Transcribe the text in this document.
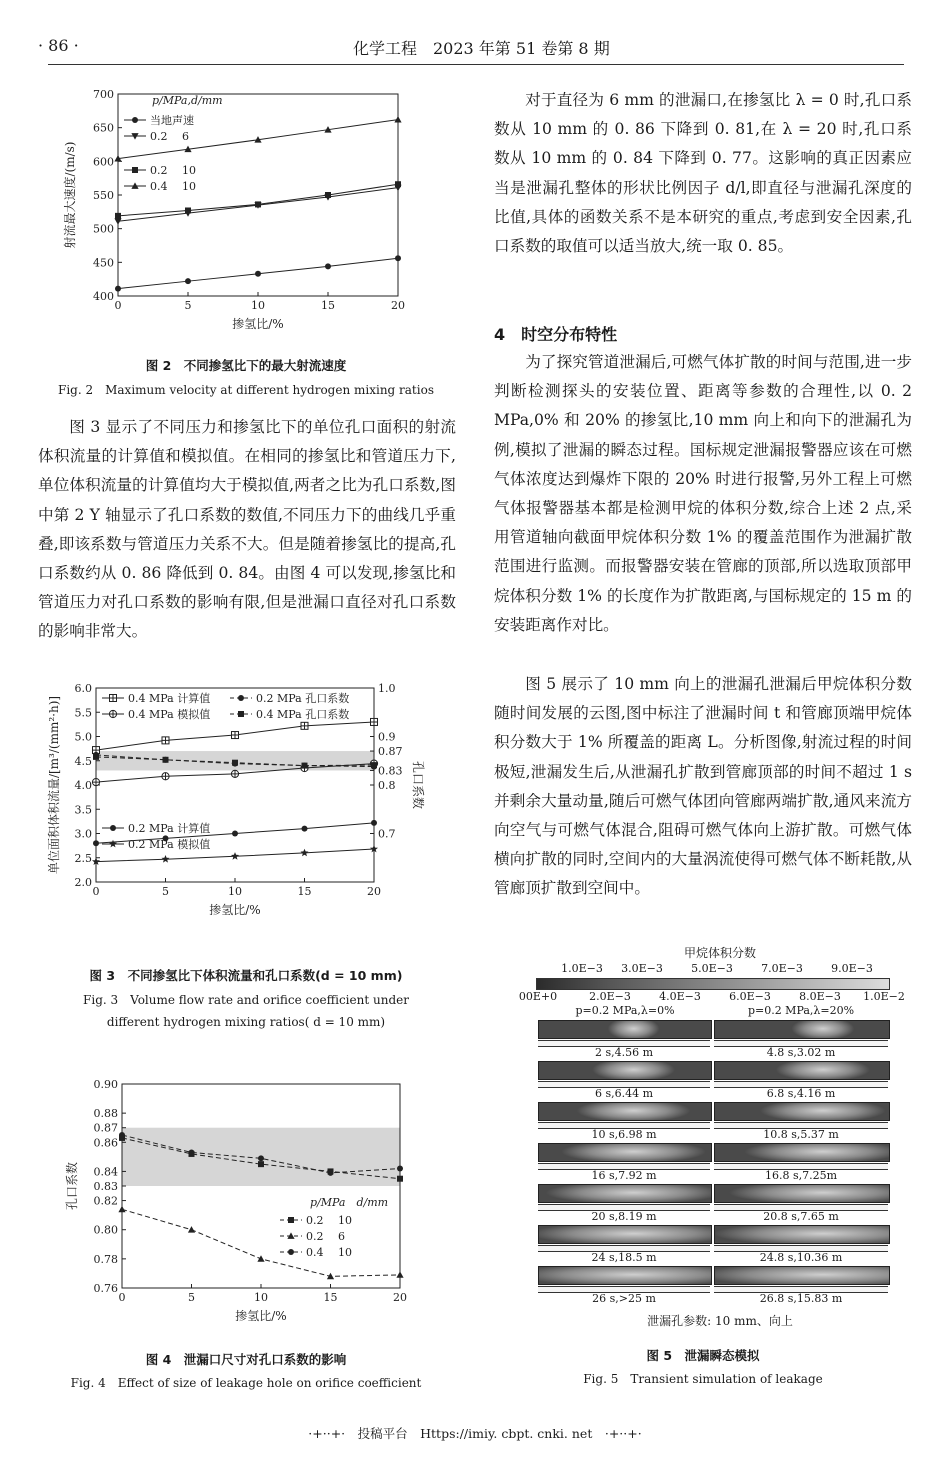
· 86 ·	化学工程　2023 年第 51 卷第 8 期
0	5	10	15	20
400
450
500
550
600
650
700
掺氢比/%
射流最大速度/(m/s)
p/MPa,d/mm
当地声速
0.2　 6
0.2　 10
0.4　 10
图 2　不同掺氢比下的最大射流速度
Fig. 2　Maximum velocity at different hydrogen mixing ratios

图 3 显示了不同压力和掺氢比下的单位孔口面积的射流体积流量的计算值和模拟值。在相同的掺氢比和管道压力下,单位体积流量的计算值均大于模拟值,两者之比为孔口系数,图中第 2 Y 轴显示了孔口系数的数值,不同压力下的曲线几乎重叠,即该系数与管道压力关系不大。但是随着掺氢比的提高,孔口系数约从 0. 86 降低到 0. 84。由图 4 可以发现,掺氢比和管道压力对孔口系数的影响有限,但是泄漏口直径对孔口系数的影响非常大。

0	5	10	15	20
2.0
2.5
3.0
3.5
4.0
4.5
5.0
5.5
6.0
掺氢比/%
单位面积体积流量/[m³/(mm²·h)]	0.7
0.8
0.83
0.87
0.9
1.0
孔口系数
0.4 MPa 计算值	0.2 MPa 孔口系数
0.4 MPa 模拟值	0.4 MPa 孔口系数
0.2 MPa 计算值
0.2 MPa 模拟值
图 3　不同掺氢比下体积流量和孔口系数(d = 10 mm)
Fig. 3　Volume flow rate and orifice coefficient under
different hydrogen mixing ratios( d = 10 mm)
0	5	10	15	20
0.76
0.78
0.80
0.82
0.83
0.84
0.86
0.87
0.88
0.90
掺氢比/%
孔口系数	p/MPa　d/mm
0.2　 10
0.2　 6
0.4　 10
图 4　泄漏口尺寸对孔口系数的影响
Fig. 4　Effect of size of leakage hole on orifice coefficient

对于直径为 6 mm 的泄漏口,在掺氢比 λ = 0 时,孔口系数从 10 mm 的 0. 86 下降到 0. 81,在 λ = 20 时,孔口系数从 10 mm 的 0. 84 下降到 0. 77。这影响的真正因素应当是泄漏孔整体的形状比例因子 d/l,即直径与泄漏孔深度的比值,具体的函数关系不是本研究的重点,考虑到安全因素,孔口系数的取值可以适当放大,统一取 0. 85。

4　时空分布特性

为了探究管道泄漏后,可燃气体扩散的时间与范围,进一步判断检测探头的安装位置、距离等参数的合理性,以 0. 2 MPa,0% 和 20% 的掺氢比,10 mm 向上和向下的泄漏孔为例,模拟了泄漏的瞬态过程。国标规定泄漏报警器应该在可燃气体浓度达到爆炸下限的 20% 时进行报警,另外工程上可燃气体报警器基本都是检测甲烷的体积分数,综合上述 2 点,采用管道轴向截面甲烷体积分数 1% 的覆盖范围作为泄漏扩散范围进行监测。而报警器安装在管廊的顶部,所以选取顶部甲烷体积分数 1% 的长度作为扩散距离,与国标规定的 15 m 的安装距离作对比。

图 5 展示了 10 mm 向上的泄漏孔泄漏后甲烷体积分数随时间发展的云图,图中标注了泄漏时间 t 和管廊顶端甲烷体积分数大于 1% 所覆盖的距离 L。分析图像,射流过程的时间极短,泄漏发生后,从泄漏孔扩散到管廊顶部的时间不超过 1 s 并剩余大量动量,随后可燃气体团向管廊两端扩散,通风来流方向空气与可燃气体混合,阻碍可燃气体向上游扩散。可燃气体横向扩散的同时,空间内的大量涡流使得可燃气体不断耗散,从管廊顶扩散到空间中。

甲烷体积分数
1.0E−3	3.0E−3	5.0E−3	7.0E−3	9.0E−3
00E+0	2.0E−3	4.0E−3	6.0E−3	8.0E−3	1.0E−2
p=0.2 MPa,λ=0%	p=0.2 MPa,λ=20%
2 s,4.56 m	4.8 s,3.02 m
6 s,6.44 m	6.8 s,4.16 m
10 s,6.98 m	10.8 s,5.37 m
16 s,7.92 m	16.8 s,7.25m
20 s,8.19 m	20.8 s,7.65 m
24 s,18.5 m	24.8 s,10.36 m
26 s,>25 m	26.8 s,15.83 m
泄漏孔参数: 10 mm、向上
图 5　泄漏瞬态模拟
Fig. 5　Transient simulation of leakage
·+··+·　投稿平台　Https://imiy. cbpt. cnki. net　·+··+·
